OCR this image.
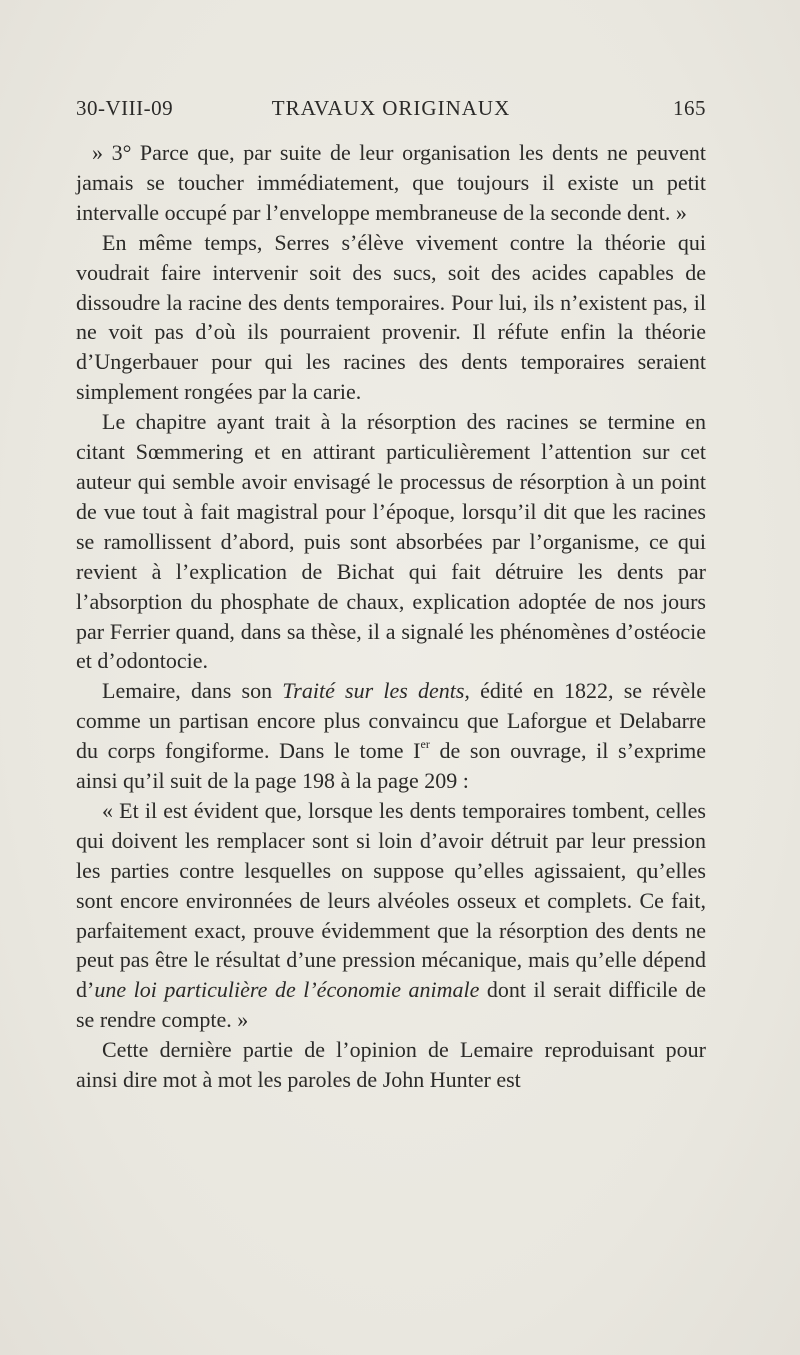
30-VIII-09	TRAVAUX ORIGINAUX	165

» 3° Parce que, par suite de leur organisation les dents ne peuvent jamais se toucher immédiatement, que toujours il existe un petit intervalle occupé par l’enveloppe membraneuse de la seconde dent. »

En même temps, Serres s’élève vivement contre la théorie qui voudrait faire intervenir soit des sucs, soit des acides capables de dissoudre la racine des dents temporaires. Pour lui, ils n’existent pas, il ne voit pas d’où ils pourraient provenir. Il réfute enfin la théorie d’Ungerbauer pour qui les racines des dents temporaires seraient simplement rongées par la carie.

Le chapitre ayant trait à la résorption des racines se termine en citant Sœmmering et en attirant particulièrement l’attention sur cet auteur qui semble avoir envisagé le processus de résorption à un point de vue tout à fait magistral pour l’époque, lorsqu’il dit que les racines se ramollissent d’abord, puis sont absorbées par l’organisme, ce qui revient à l’explication de Bichat qui fait détruire les dents par l’absorption du phosphate de chaux, explication adoptée de nos jours par Ferrier quand, dans sa thèse, il a signalé les phénomènes d’ostéocie et d’odontocie.

Lemaire, dans son Traité sur les dents, édité en 1822, se révèle comme un partisan encore plus convaincu que Laforgue et Delabarre du corps fongiforme. Dans le tome Ier de son ouvrage, il s’exprime ainsi qu’il suit de la page 198 à la page 209 :

« Et il est évident que, lorsque les dents temporaires tombent, celles qui doivent les remplacer sont si loin d’avoir détruit par leur pression les parties contre lesquelles on suppose qu’elles agissaient, qu’elles sont encore environnées de leurs alvéoles osseux et complets. Ce fait, parfaitement exact, prouve évidemment que la résorption des dents ne peut pas être le résultat d’une pression mécanique, mais qu’elle dépend d’une loi particulière de l’économie animale dont il serait difficile de se rendre compte. »

Cette dernière partie de l’opinion de Lemaire reproduisant pour ainsi dire mot à mot les paroles de John Hunter est
